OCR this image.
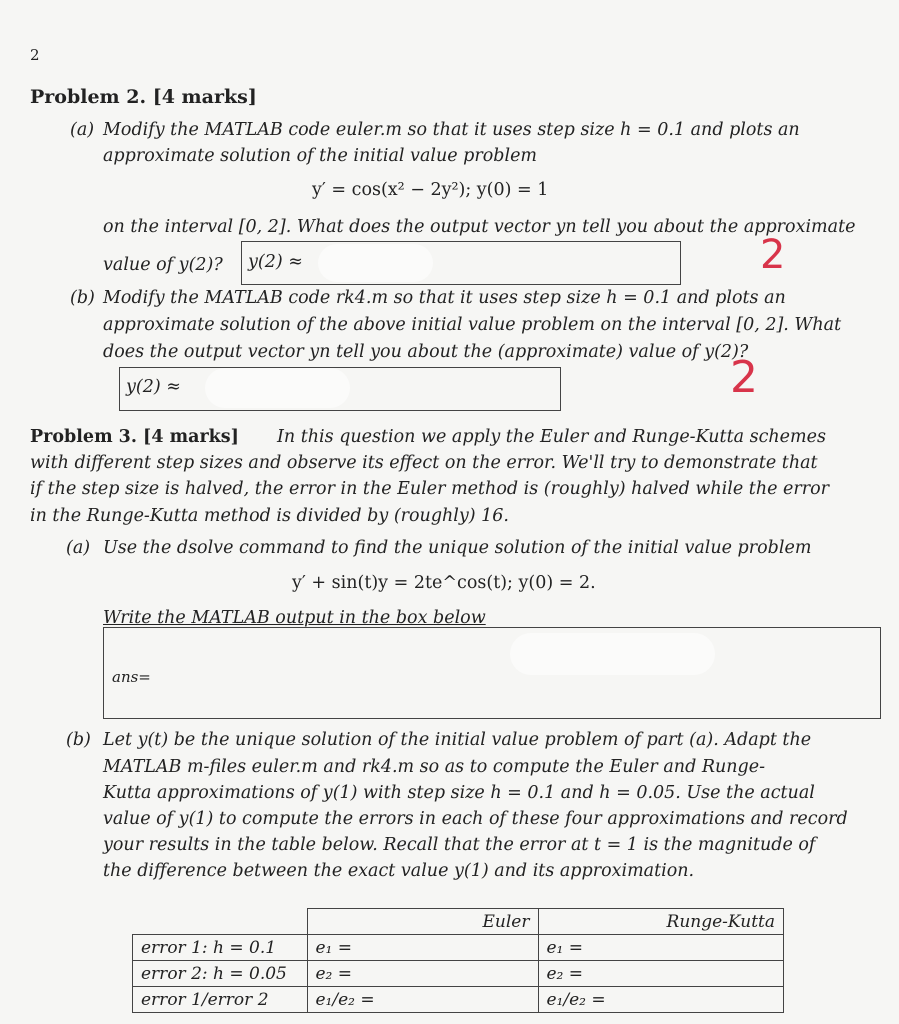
2
Problem 2. [4 marks]
(a) Modify the MATLAB code euler.m so that it uses step size h = 0.1 and plots an
approximate solution of the initial value problem
y′ = cos(x² − 2y²); y(0) = 1
on the interval [0, 2]. What does the output vector yn tell you about the approximate
value of y(2)? y(2) ≈	2
(b) Modify the MATLAB code rk4.m so that it uses step size h = 0.1 and plots an
approximate solution of the above initial value problem on the interval [0, 2]. What
does the output vector yn tell you about the (approximate) value of y(2)?
y(2) ≈	2
Problem 3. [4 marks] In this question we apply the Euler and Runge-Kutta schemes
with different step sizes and observe its effect on the error. We'll try to demonstrate that
if the step size is halved, the error in the Euler method is (roughly) halved while the error
in the Runge-Kutta method is divided by (roughly) 16.
(a) Use the dsolve command to find the unique solution of the initial value problem
y′ + sin(t)y = 2te^cos(t); y(0) = 2.
Write the MATLAB output in the box below
ans=
(b) Let y(t) be the unique solution of the initial value problem of part (a). Adapt the
MATLAB m-files euler.m and rk4.m so as to compute the Euler and Runge-
Kutta approximations of y(1) with step size h = 0.1 and h = 0.05. Use the actual
value of y(1) to compute the errors in each of these four approximations and record
your results in the table below. Recall that the error at t = 1 is the magnitude of
the difference between the exact value y(1) and its approximation.
	Euler	Runge-Kutta
error 1: h = 0.1	e₁ =	e₁ =
error 2: h = 0.05	e₂ =	e₂ =
error 1/error 2	e₁/e₂ =	e₁/e₂ =
